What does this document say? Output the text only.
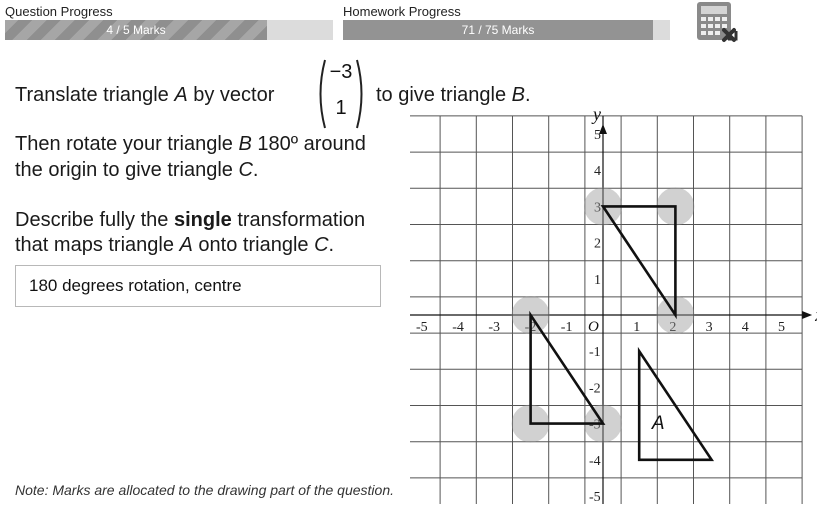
Question Progress
4 / 5 Marks
Homework Progress
71 / 75 Marks
Translate triangle A by vector
−3
1
to give triangle B.
Then rotate your triangle B 180º around
the origin to give triangle C.
Describe fully the single transformation
that maps triangle A onto triangle C.
180 degrees rotation, centre
Note: Marks are allocated to the drawing part of the question.
y
O
-5 -4 -3 -2 -1	1 2 3 4 5
5
4
3
2
1
-1
-2
-3
-4
-5
A
